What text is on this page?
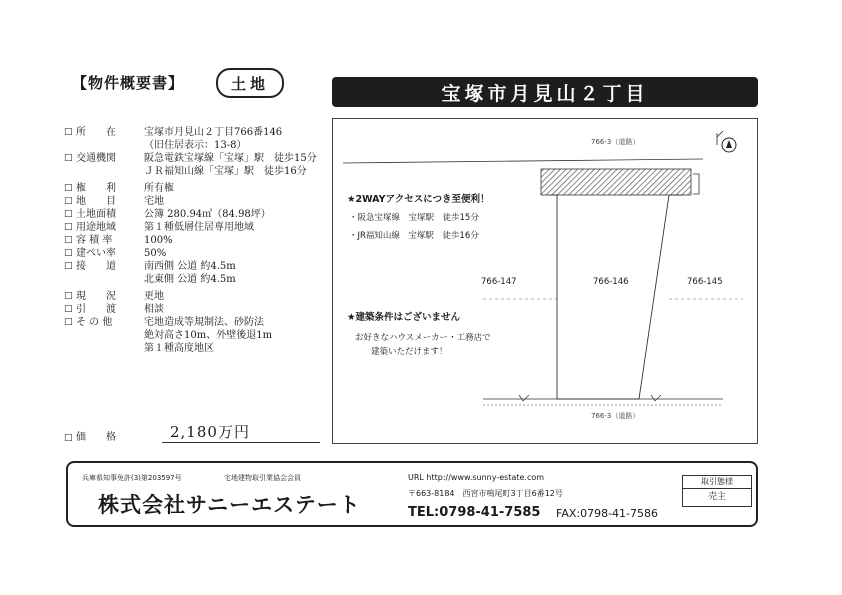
【物件概要書】	土地	宝塚市月見山２丁目
□ 所　　在	宝塚市月見山２丁目766番146
（旧住居表示：13-8）
□ 交通機関	阪急電鉄宝塚線「宝塚」駅　徒歩15分
ＪＲ福知山線「宝塚」駅　徒歩16分
□ 権　　利	所有権
□ 地　　目	宅地
□ 土地面積	公簿 280.94㎡（84.98坪）
□ 用途地域	第１種低層住居専用地域
□ 容 積 率	100%
□ 建ぺい率	50%
□ 接　　道	南西側 公道 約4.5m
北東側 公道 約4.5m
□ 現　　況	更地
□ 引　　渡	相談
□ そ の 他	宅地造成等規制法、砂防法
絶対高さ10m、外壁後退1m
第１種高度地区
□ 価　　格	2,180万円
766-3（道路）
★2WAYアクセスにつき至便利！
・阪急宝塚線　宝塚駅　徒歩15分
・JR福知山線　宝塚駅　徒歩16分
766-147	766-146	766-145
★建築条件はございません
お好きなハウスメーカー・工務店で
建築いただけます！
766-3（道路）
兵庫県知事免許(3)第203597号	宅地建物取引業協会会員
株式会社サニーエステート
URL http://www.sunny-estate.com
〒663-8184　西宮市鳴尾町3丁目6番12号
TEL:0798-41-7585 FAX:0798-41-7586
取引態様
売主
